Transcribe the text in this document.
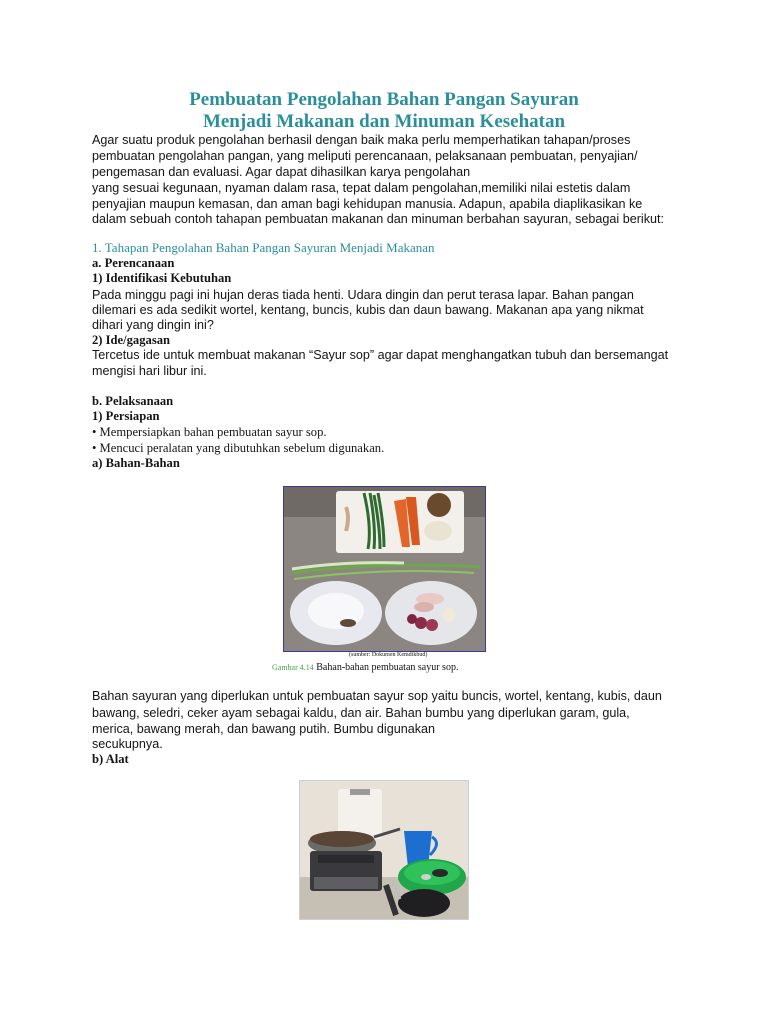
Pembuatan Pengolahan Bahan Pangan Sayuran
Menjadi Makanan dan Minuman Kesehatan
Agar suatu produk pengolahan berhasil dengan baik maka perlu memperhatikan tahapan/proses
pembuatan pengolahan pangan, yang meliputi perencanaan, pelaksanaan pembuatan, penyajian/
pengemasan dan evaluasi. Agar dapat dihasilkan karya pengolahan
yang sesuai kegunaan, nyaman dalam rasa, tepat dalam pengolahan,memiliki nilai estetis dalam
penyajian maupun kemasan, dan aman bagi kehidupan manusia. Adapun, apabila diaplikasikan ke
dalam sebuah contoh tahapan pembuatan makanan dan minuman berbahan sayuran, sebagai berikut:
1. Tahapan Pengolahan Bahan Pangan Sayuran Menjadi Makanan
a. Perencanaan
1) Identifikasi Kebutuhan
Pada minggu pagi ini hujan deras tiada henti. Udara dingin dan perut terasa lapar. Bahan pangan
dilemari es ada sedikit wortel, kentang, buncis, kubis dan daun bawang. Makanan apa yang nikmat
dihari yang dingin ini?
2) Ide/gagasan
Tercetus ide untuk membuat makanan “Sayur sop” agar dapat menghangatkan tubuh dan bersemangat
mengisi hari libur ini.
b. Pelaksanaan
1) Persiapan
• Mempersiapkan bahan pembuatan sayur sop.
• Mencuci peralatan yang dibutuhkan sebelum digunakan.
a) Bahan-Bahan
(sumber: Dokumen Kemdikbud)
Gambar 4.14 Bahan-bahan pembuatan sayur sop.
Bahan sayuran yang diperlukan untuk pembuatan sayur sop yaitu buncis, wortel, kentang, kubis, daun
bawang, seledri, ceker ayam sebagai kaldu, dan air. Bahan bumbu yang diperlukan garam, gula,
merica, bawang merah, dan bawang putih. Bumbu digunakan
secukupnya.
b) Alat
